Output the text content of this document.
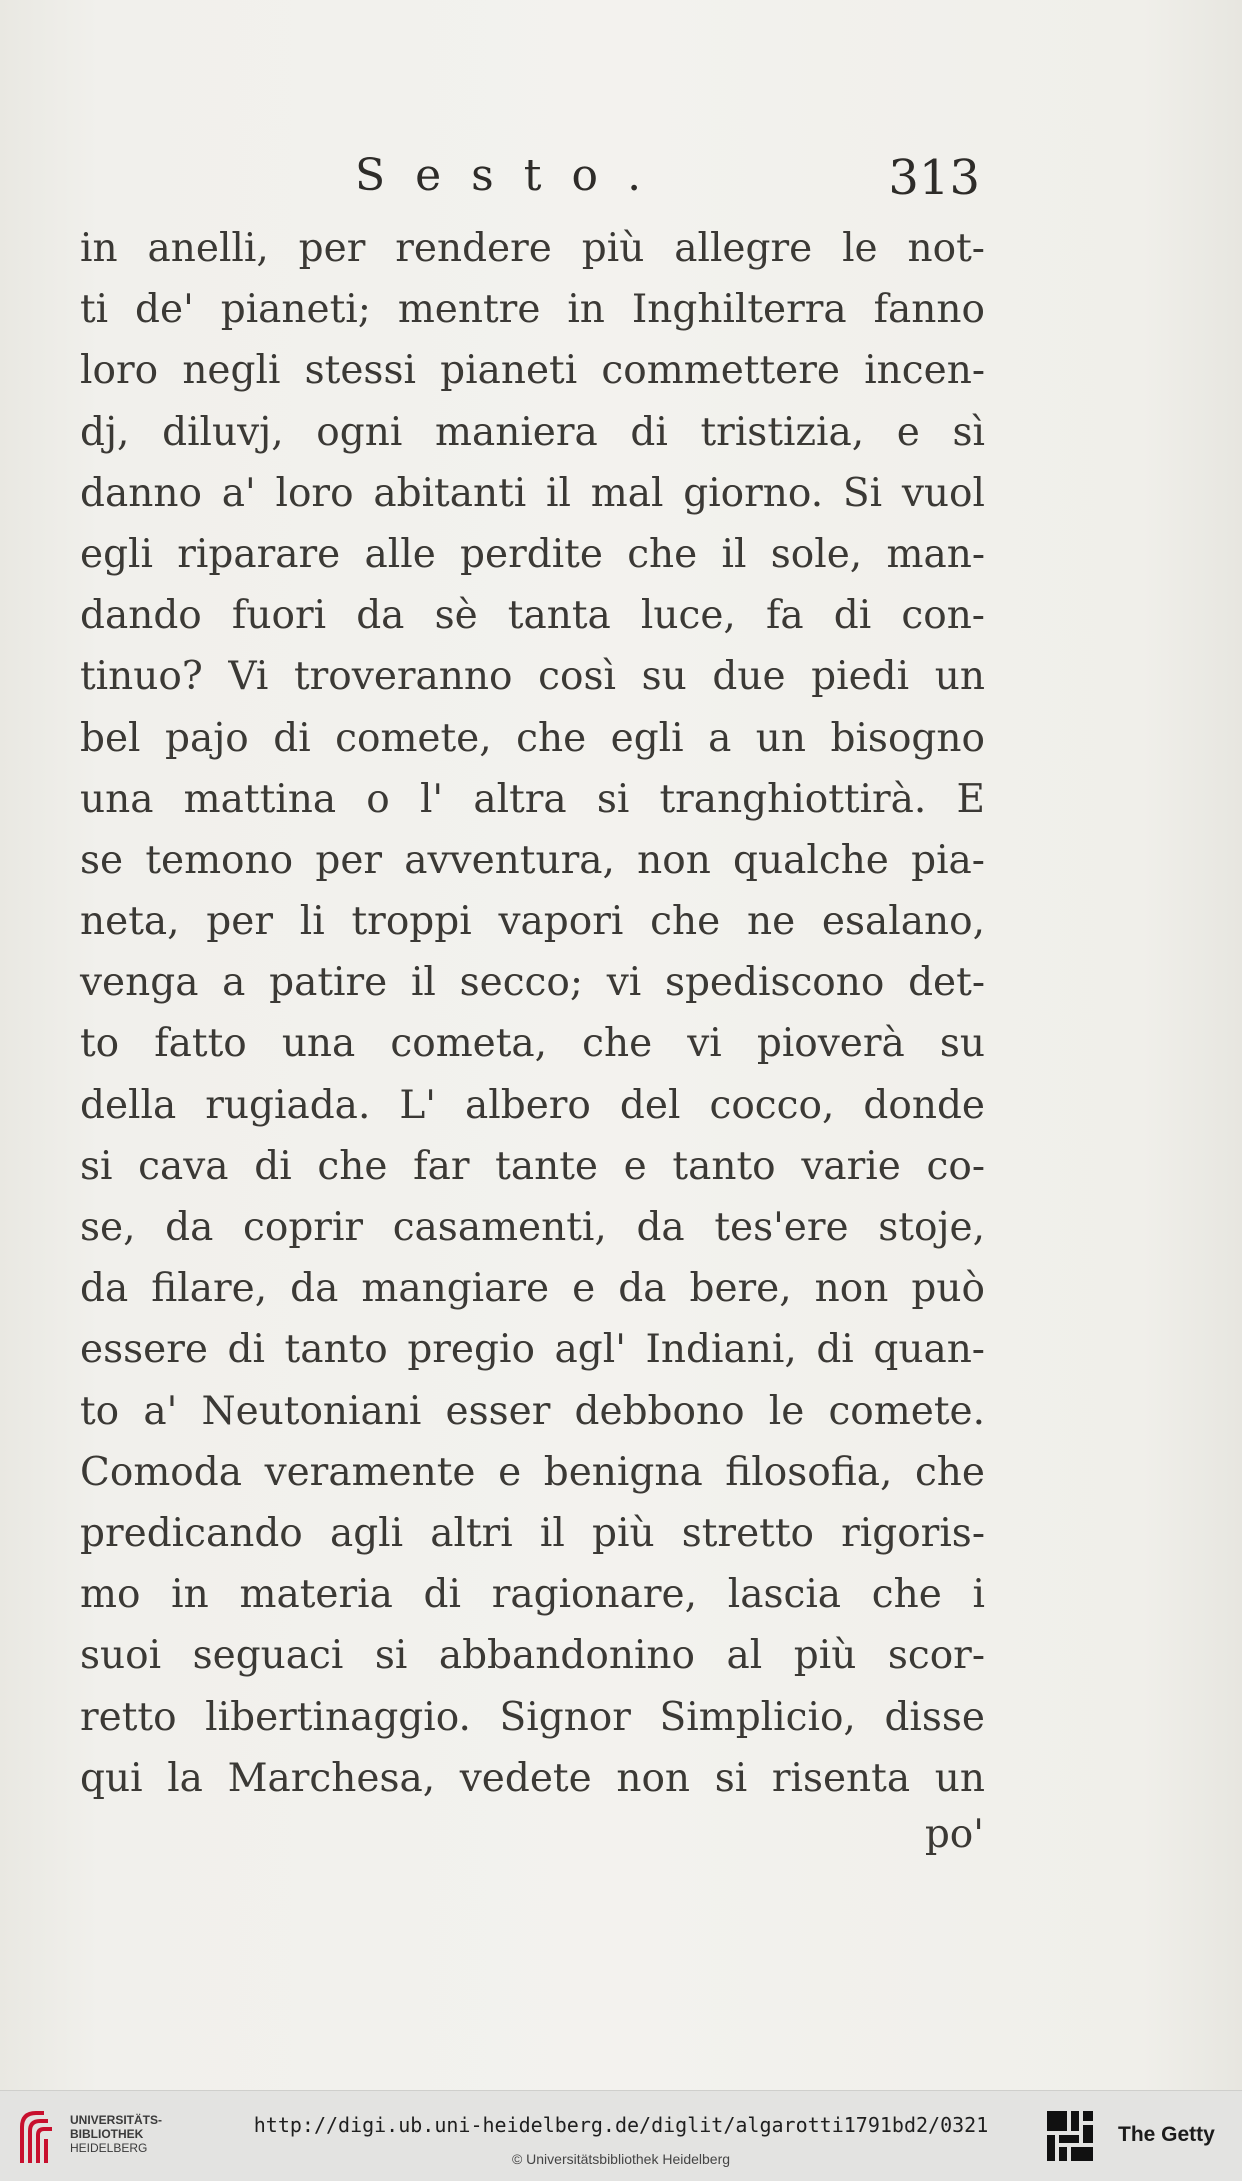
Sesto.	313
in anelli, per rendere più allegre le not-
ti de' pianeti; mentre in Inghilterra fanno
loro negli stessi pianeti commettere incen-
dj, diluvj, ogni maniera di tristizia, e sì
danno a' loro abitanti il mal giorno. Si vuol
egli riparare alle perdite che il sole, man-
dando fuori da sè tanta luce, fa di con-
tinuo? Vi troveranno così su due piedi un
bel pajo di comete, che egli a un bisogno
una mattina o l' altra si tranghiottirà. E
se temono per avventura, non qualche pia-
neta, per li troppi vapori che ne esalano,
venga a patire il secco; vi spediscono det-
to fatto una cometa, che vi pioverà su
della rugiada. L' albero del cocco, donde
si cava di che far tante e tanto varie co-
se, da coprir casamenti, da tes'ere stoje,
da filare, da mangiare e da bere, non può
essere di tanto pregio agl' Indiani, di quan-
to a' Neutoniani esser debbono le comete.
Comoda veramente e benigna filosofia, che
predicando agli altri il più stretto rigoris-
mo in materia di ragionare, lascia che i
suoi seguaci si abbandonino al più scor-
retto libertinaggio. Signor Simplicio, disse
qui la Marchesa, vedete non si risenta un
po'
UNIVERSITÄTS-
BIBLIOTHEK
HEIDELBERG
http://digi.ub.uni-heidelberg.de/diglit/algarotti1791bd2/0321
© Universitätsbibliothek Heidelberg
The Getty
